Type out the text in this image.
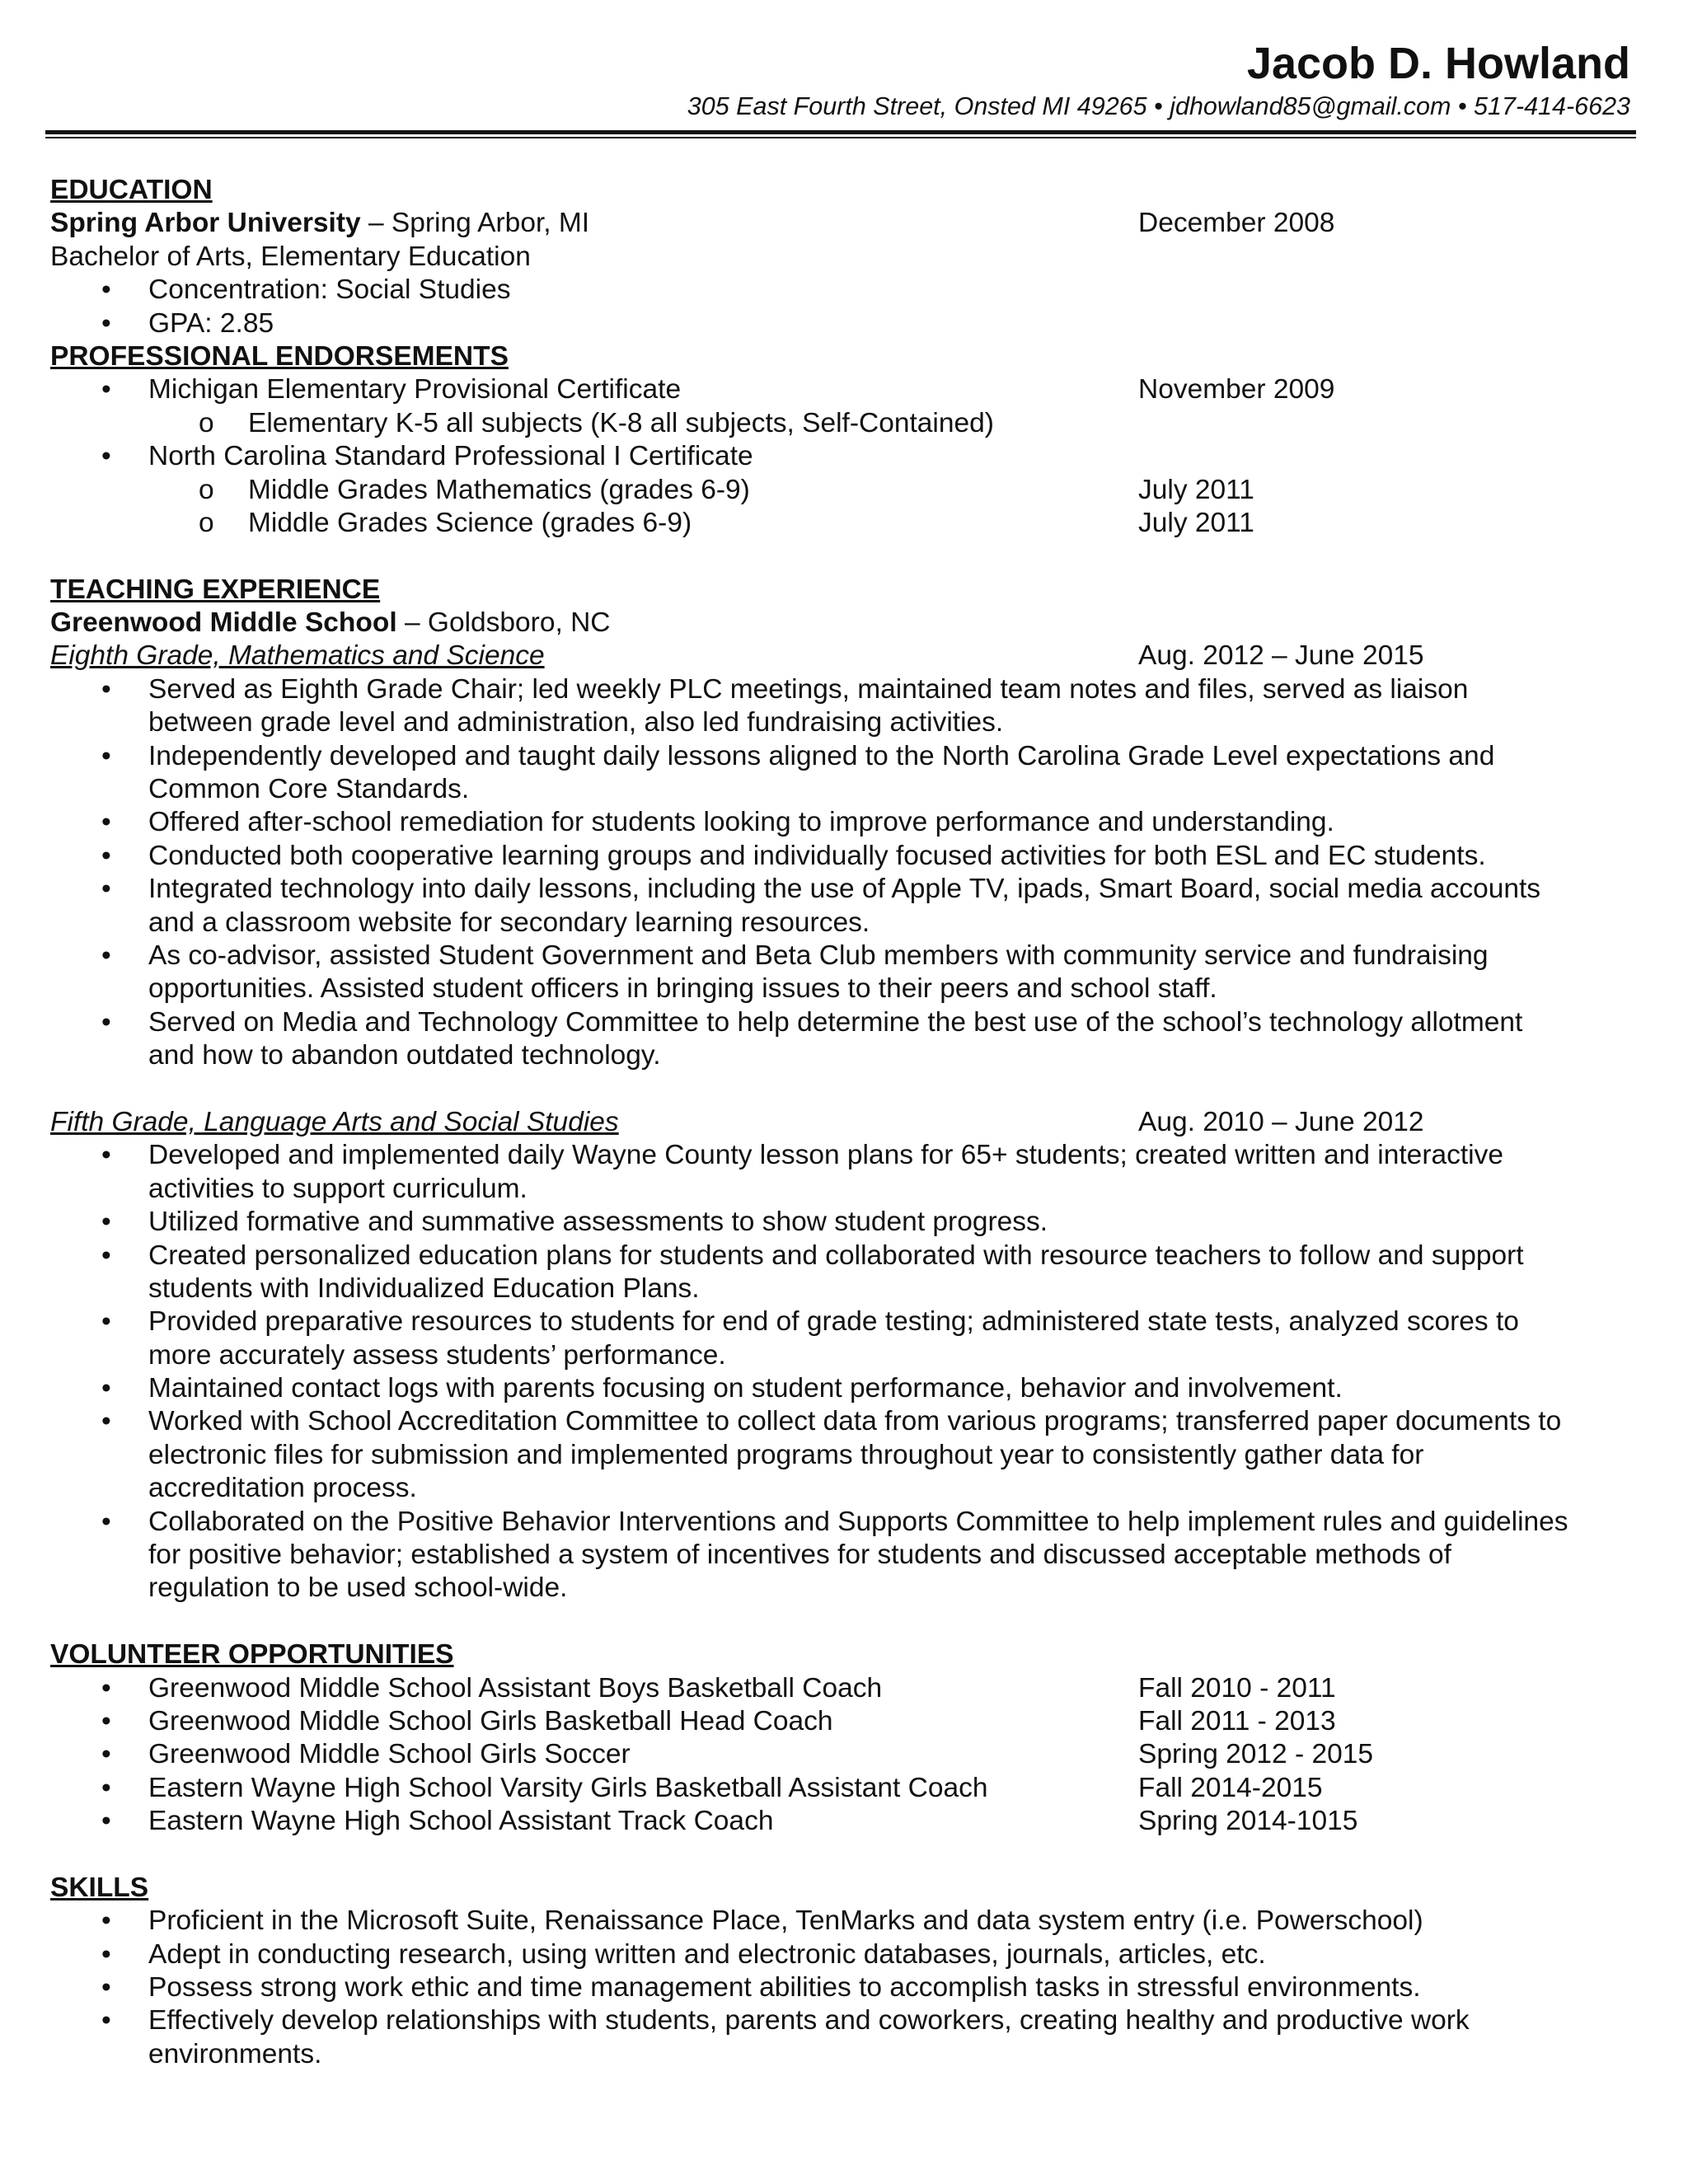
Jacob D. Howland
305 East Fourth Street, Onsted MI 49265 • jdhowland85@gmail.com • 517-414-6623
EDUCATION
Spring Arbor University – Spring Arbor, MI	December 2008
Bachelor of Arts, Elementary Education
• Concentration: Social Studies
• GPA: 2.85
PROFESSIONAL ENDORSEMENTS
• Michigan Elementary Provisional Certificate	November 2009
o Elementary K-5 all subjects (K-8 all subjects, Self-Contained)
• North Carolina Standard Professional I Certificate
o Middle Grades Mathematics (grades 6-9)	July 2011
o Middle Grades Science (grades 6-9)	July 2011
TEACHING EXPERIENCE
Greenwood Middle School – Goldsboro, NC
Eighth Grade, Mathematics and Science	Aug. 2012 – June 2015
• Served as Eighth Grade Chair; led weekly PLC meetings, maintained team notes and files, served as liaison
between grade level and administration, also led fundraising activities.
• Independently developed and taught daily lessons aligned to the North Carolina Grade Level expectations and
Common Core Standards.
• Offered after-school remediation for students looking to improve performance and understanding.
• Conducted both cooperative learning groups and individually focused activities for both ESL and EC students.
• Integrated technology into daily lessons, including the use of Apple TV, ipads, Smart Board, social media accounts
and a classroom website for secondary learning resources.
• As co-advisor, assisted Student Government and Beta Club members with community service and fundraising
opportunities. Assisted student officers in bringing issues to their peers and school staff.
• Served on Media and Technology Committee to help determine the best use of the school’s technology allotment
and how to abandon outdated technology.
Fifth Grade, Language Arts and Social Studies	Aug. 2010 – June 2012
• Developed and implemented daily Wayne County lesson plans for 65+ students; created written and interactive
activities to support curriculum.
• Utilized formative and summative assessments to show student progress.
• Created personalized education plans for students and collaborated with resource teachers to follow and support
students with Individualized Education Plans.
• Provided preparative resources to students for end of grade testing; administered state tests, analyzed scores to
more accurately assess students’ performance.
• Maintained contact logs with parents focusing on student performance, behavior and involvement.
• Worked with School Accreditation Committee to collect data from various programs; transferred paper documents to
electronic files for submission and implemented programs throughout year to consistently gather data for
accreditation process.
• Collaborated on the Positive Behavior Interventions and Supports Committee to help implement rules and guidelines
for positive behavior; established a system of incentives for students and discussed acceptable methods of
regulation to be used school-wide.
VOLUNTEER OPPORTUNITIES
• Greenwood Middle School Assistant Boys Basketball Coach	Fall 2010 - 2011
• Greenwood Middle School Girls Basketball Head Coach	Fall 2011 - 2013
• Greenwood Middle School Girls Soccer	Spring 2012 - 2015
• Eastern Wayne High School Varsity Girls Basketball Assistant Coach	Fall 2014-2015
• Eastern Wayne High School Assistant Track Coach	Spring 2014-1015
SKILLS
• Proficient in the Microsoft Suite, Renaissance Place, TenMarks and data system entry (i.e. Powerschool)
• Adept in conducting research, using written and electronic databases, journals, articles, etc.
• Possess strong work ethic and time management abilities to accomplish tasks in stressful environments.
• Effectively develop relationships with students, parents and coworkers, creating healthy and productive work
environments.
